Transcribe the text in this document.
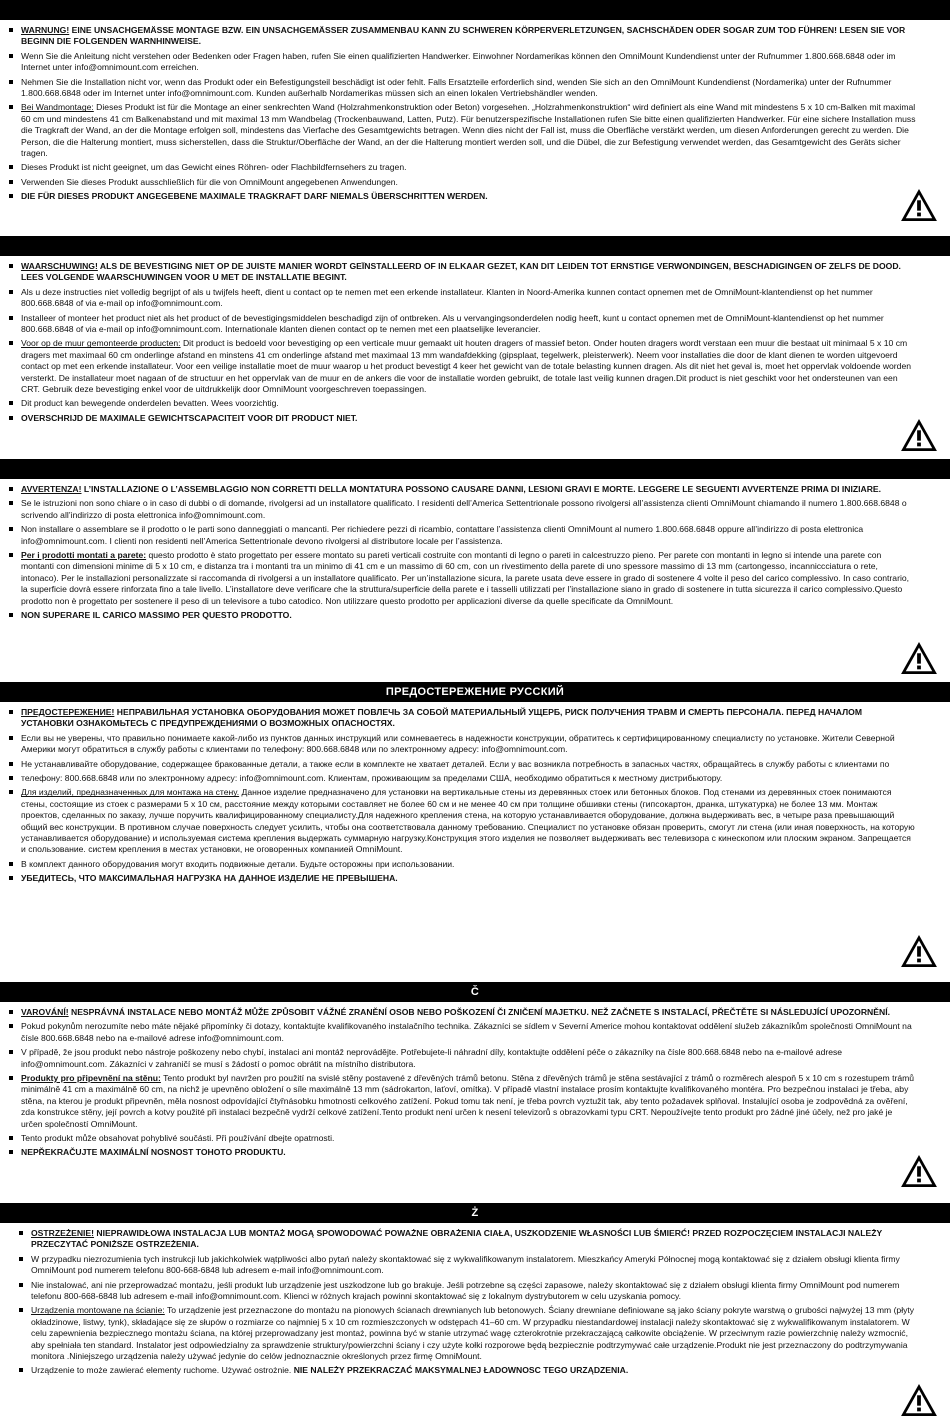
WARNUNG! EINE UNSACHGEMÄSSE MONTAGE BZW. EIN UNSACHGEMÄSSER ZUSAMMENBAU KANN ZU SCHWEREN KÖRPERVERLETZUNGEN, SACHSCHÄDEN ODER SOGAR ZUM TOD FÜHREN! LESEN SIE VOR BEGINN DIE FOLGENDEN WARNHINWEISE.
Wenn Sie die Anleitung nicht verstehen oder Bedenken oder Fragen haben, rufen Sie einen qualifizierten Handwerker. Einwohner Nordamerikas können den OmniMount Kundendienst unter der Rufnummer 1.800.668.6848 oder im Internet unter info@omnimount.com erreichen.
Nehmen Sie die Installation nicht vor, wenn das Produkt oder ein Befestigungsteil beschädigt ist oder fehlt. Falls Ersatzteile erforderlich sind, wenden Sie sich an den OmniMount Kundendienst (Nordamerika) unter der Rufnummer 1.800.668.6848 oder im Internet unter info@omnimount.com. Kunden außerhalb Nordamerikas müssen sich an einen lokalen Vertriebshändler wenden.
Bei Wandmontage: Dieses Produkt ist für die Montage an einer senkrechten Wand (Holzrahmenkonstruktion oder Beton) vorgesehen. „Holzrahmenkonstruktion“ wird definiert als eine Wand mit mindestens 5 x 10 cm-Balken mit maximal 60 cm und mindestens 41 cm Balkenabstand und mit maximal 13 mm Wandbelag (Trockenbauwand, Latten, Putz). Für benutzerspezifische Installationen rufen Sie bitte einen qualifizierten Handwerker. Für eine sichere Installation muss die Tragkraft der Wand, an der die Montage erfolgen soll, mindestens das Vierfache des Gesamtgewichts betragen. Wenn dies nicht der Fall ist, muss die Oberfläche verstärkt werden, um diesen Anforderungen gerecht zu werden. Die Person, die die Halterung montiert, muss sicherstellen, dass die Struktur/Oberfläche der Wand, an der die Halterung montiert werden soll, und die Dübel, die zur Befestigung verwendet werden, das Gesamtgewicht des Geräts sicher tragen.
Dieses Produkt ist nicht geeignet, um das Gewicht eines Röhren- oder Flachbildfernsehers zu tragen.
Verwenden Sie dieses Produkt ausschließlich für die von OmniMount angegebenen Anwendungen.
DIE FÜR DIESES PRODUKT ANGEGEBENE MAXIMALE TRAGKRAFT DARF NIEMALS ÜBERSCHRITTEN WERDEN.
WAARSCHUWING! ALS DE BEVESTIGING NIET OP DE JUISTE MANIER WORDT GEÏNSTALLEERD OF IN ELKAAR GEZET, KAN DIT LEIDEN TOT ERNSTIGE VERWONDINGEN, BESCHADIGINGEN OF ZELFS DE DOOD. LEES VOLGENDE WAARSCHUWINGEN VOOR U MET DE INSTALLATIE BEGINT.
Als u deze instructies niet volledig begrijpt of als u twijfels heeft, dient u contact op te nemen met een erkende installateur. Klanten in Noord-Amerika kunnen contact opnemen met de OmniMount-klantendienst op het nummer 800.668.6848 of via e-mail op info@omnimount.com.
Installeer of monteer het product niet als het product of de bevestigingsmiddelen beschadigd zijn of ontbreken. Als u vervangingsonderdelen nodig heeft, kunt u contact opnemen met de OmniMount-klantendienst op het nummer 800.668.6848 of via e-mail op info@omnimount.com. Internationale klanten dienen contact op te nemen met een plaatselijke leverancier.
Voor op de muur gemonteerde producten: Dit product is bedoeld voor bevestiging op een verticale muur gemaakt uit houten dragers of massief beton. Onder houten dragers wordt verstaan een muur die bestaat uit minimaal 5 x 10 cm dragers met maximaal 60 cm onderlinge afstand en minstens 41 cm onderlinge afstand met maximaal 13 mm wandafdekking (gipsplaat, tegelwerk, pleisterwerk). Neem voor installaties die door de klant dienen te worden uitgevoerd contact op met een erkende installateur. Voor een veilige installatie moet de muur waarop u het product bevestigt 4 keer het gewicht van de totale belasting kunnen dragen. Als dit niet het geval is, moet het oppervlak voldoende worden versterkt. De installateur moet nagaan of de structuur en het oppervlak van de muur en de ankers die voor de installatie worden gebruikt, de totale last veilig kunnen dragen.Dit product is niet geschikt voor het ondersteunen van een CRT. Gebruik deze bevestiging enkel voor de uitdrukkelijk door OmniMount voorgeschreven toepassingen.
Dit product kan bewegende onderdelen bevatten. Wees voorzichtig.
OVERSCHRIJD DE MAXIMALE GEWICHTSCAPACITEIT VOOR DIT PRODUCT NIET.
AVVERTENZA! L’INSTALLAZIONE O L’ASSEMBLAGGIO NON CORRETTI DELLA MONTATURA POSSONO CAUSARE DANNI, LESIONI GRAVI E MORTE. LEGGERE LE SEGUENTI AVVERTENZE PRIMA DI INIZIARE.
Se le istruzioni non sono chiare o in caso di dubbi o di domande, rivolgersi ad un installatore qualificato. I residenti dell’America Settentrionale possono rivolgersi all’assistenza clienti OmniMount chiamando il numero 1.800.668.6848 o scrivendo all’indirizzo di posta elettronica info@omnimount.com.
Non installare o assemblare se il prodotto o le parti sono danneggiati o mancanti. Per richiedere pezzi di ricambio, contattare l’assistenza clienti OmniMount al numero 1.800.668.6848 oppure all’indirizzo di posta elettronica info@omnimount.com. I clienti non residenti nell’America Settentrionale devono rivolgersi al distributore locale per l’assistenza.
Per i prodotti montati a parete: questo prodotto è stato progettato per essere montato su pareti verticali costruite con montanti di legno o pareti in calcestruzzo pieno. Per parete con montanti in legno si intende una parete con montanti con dimensioni minime di 5 x 10 cm, e distanza tra i montanti tra un minimo di 41 cm e un massimo di 60 cm, con un rivestimento della parete di uno spessore massimo di 13 mm (cartongesso, incanniccciatura o rete, intonaco). Per le installazioni personalizzate si raccomanda di rivolgersi a un installatore qualificato. Per un’installazione sicura, la parete usata deve essere in grado di sostenere 4 volte il peso del carico complessivo. In caso contrario, la superficie dovrà essere rinforzata fino a tale livello. L’installatore deve verificare che la struttura/superficie della parete e i tasselli utilizzati per l’installazione siano in grado di sostenere in tutta sicurezza il carico complessivo.Questo prodotto non è progettato per sostenere il peso di un televisore a tubo catodico. Non utilizzare questo prodotto per applicazioni diverse da quelle specificate da OmniMount.
NON SUPERARE IL CARICO MASSIMO PER QUESTO PRODOTTO.
ПРЕДОСТЕРЕЖЕНИЕ РУССКИЙ
ПРЕДОСТЕРЕЖЕНИЕ! НЕПРАВИЛЬНАЯ УСТАНОВКА ОБОРУДОВАНИЯ МОЖЕТ ПОВЛЕЧЬ ЗА СОБОЙ МАТЕРИАЛЬНЫЙ УЩЕРБ, РИСК ПОЛУЧЕНИЯ ТРАВМ И СМЕРТЬ ПЕРСОНАЛА. ПЕРЕД НАЧАЛОМ УСТАНОВКИ ОЗНАКОМЬТЕСЬ С ПРЕДУПРЕЖДЕНИЯМИ О ВОЗМОЖНЫХ ОПАСНОСТЯХ.
Если вы не уверены, что правильно понимаете какой-либо из пунктов данных инструкций или сомневаетесь в надежности конструкции, обратитесь к сертифицированному специалисту по установке. Жители Северной Америки могут обратиться в службу работы с клиентами по телефону: 800.668.6848 или по электронному адресу: info@omnimount.com.
Не устанавливайте оборудование, содержащее бракованные детали, а также если в комплекте не хватает деталей. Если у вас возникла потребность в запасных частях, обращайтесь в службу работы с клиентами по
телефону: 800.668.6848 или по электронному адресу: info@omnimount.com. Клиентам, проживающим за пределами США, необходимо обратиться к местному дистрибьютору.
Для изделий, предназначенных для монтажа на стену. Данное изделие предназначено для установки на вертикальные стены из деревянных стоек или бетонных блоков. Под стенами из деревянных стоек понимаются стены, состоящие из стоек с размерами 5 x 10 см, расстояние между которыми составляет не более 60 см и не менее 40 см при толщине обшивки стены (гипсокартон, дранка, штукатурка) не более 13 мм. Монтаж проектов, сделанных по заказу, лучше поручить квалифицированному специалисту.Для надежного крепления стена, на которую устанавливается оборудование, должна выдерживать вес, в четыре раза превышающий общий вес конструкции. В противном случае поверхность следует усилить, чтобы она соответствовала данному требованию. Специалист по установке обязан проверить, смогут ли стена (или иная поверхность, на которую устанавливается оборудование) и используемая система крепления выдержать суммарную нагрузку.Конструкция этого изделия не позволяет выдерживать вес телевизора с кинескопом или плоским экраном. Запрещается и спользование. систем крепления в местах установки, не оговоренных компанией OmniMount.
В комплект данного оборудования могут входить подвижные детали. Будьте осторожны при использовании.
УБЕДИТЕСЬ, ЧТО МАКСИМАЛЬНАЯ НАГРУЗКА НА ДАННОЕ ИЗДЕЛИЕ НЕ ПРЕВЫШЕНА.
Č
VAROVÁNÍ! NESPRÁVNÁ INSTALACE NEBO MONTÁŽ MŮŽE ZPŮSOBIT VÁŽNÉ ZRANĚNÍ OSOB NEBO POŠKOZENÍ ČI ZNIČENÍ MAJETKU. NEŽ ZAČNETE S INSTALACÍ, PŘEČTĚTE SI NÁSLEDUJÍCÍ UPOZORNĚNÍ.
Pokud pokynům nerozumíte nebo máte nějaké připomínky či dotazy, kontaktujte kvalifikovaného instalačního technika. Zákazníci se sídlem v Severní Americe mohou kontaktovat oddělení služeb zákazníkům společnosti OmniMount na čísle 800.668.6848 nebo na e-mailové adrese info@omnimount.com.
V případě, že jsou produkt nebo nástroje poškozeny nebo chybí, instalaci ani montáž neprovádějte. Potřebujete-li náhradní díly, kontaktujte oddělení péče o zákazníky na čísle 800.668.6848 nebo na e-mailové adrese info@omnimount.com. Zákazníci v zahraničí se musí s žádostí o pomoc obrátit na místního distributora.
Produkty pro připevnění na stěnu: Tento produkt byl navržen pro použití na svislé stěny postavené z dřevěných trámů betonu. Stěna z dřevěných trámů je stěna sestávající z trámů o rozměrech alespoň 5 x 10 cm s rozestupem trámů minimálně 41 cm a maximálně 60 cm, na nichž je upevněno obložení o síle maximálně 13 mm (sádrokarton, laťoví, omítka). V případě vlastní instalace prosím kontaktujte kvalifikovaného montéra. Pro bezpečnou instalaci je třeba, aby stěna, na kterou je produkt připevněn, měla nosnost odpovídající čtyřnásobku hmotnosti celkového zatížení. Pokud tomu tak není, je třeba povrch vyztužit tak, aby tento požadavek splňoval. Instalující osoba je zodpovědná za ověření, zda konstrukce stěny, její povrch a kotvy použité při instalaci bezpečně vydrží celkové zatížení.Tento produkt není určen k nesení televizorů s obrazovkami typu CRT. Nepoužívejte tento produkt pro žádné jiné účely, než pro jaké je určen společností OmniMount.
Tento produkt může obsahovat pohyblivé součásti. Při používání dbejte opatrnosti.
NEPŘEKRAČUJTE MAXIMÁLNÍ NOSNOST TOHOTO PRODUKTU.
Ż
OSTRZEŻENIE! NIEPRAWIDŁOWA INSTALACJA LUB MONTAŻ MOGĄ SPOWODOWAĆ POWAŻNE OBRAŻENIA CIAŁA, USZKODZENIE WŁASNOŚCI LUB ŚMIERĆ! PRZED ROZPOCZĘCIEM INSTALACJI NALEŻY PRZECZYTAĆ PONIŻSZE OSTRZEŻENIA.
W przypadku niezrozumienia tych instrukcji lub jakichkolwiek wątpliwości albo pytań należy skontaktować się z wykwalifikowanym instalatorem. Mieszkańcy Ameryki Północnej mogą kontaktować się z działem obsługi klienta firmy OmniMount pod numerem telefonu 800-668-6848 lub adresem e-mail info@omnimount.com.
Nie instalować, ani nie przeprowadzać montażu, jeśli produkt lub urządzenie jest uszkodzone lub go brakuje. Jeśli potrzebne są części zapasowe, należy skontaktować się z działem obsługi klienta firmy OmniMount pod numerem telefonu 800-668-6848 lub adresem e-mail info@omnimount.com. Klienci w różnych krajach powinni skontaktować się z lokalnym dystrybutorem w celu uzyskania pomocy.
Urządzenia montowane na ścianie: To urządzenie jest przeznaczone do montażu na pionowych ścianach drewnianych lub betonowych. Ściany drewniane definiowane są jako ściany pokryte warstwą o grubości najwyżej 13 mm (płyty okładzinowe, listwy, tynk), składające się ze słupów o rozmiarze co najmniej 5 x 10 cm rozmieszczonych w odstępach 41–60 cm. W przypadku niestandardowej instalacji należy skontaktować się z wykwalifikowanym instalatorem. W celu zapewnienia bezpiecznego montażu ściana, na której przeprowadzany jest montaż, powinna być w stanie utrzymać wagę czterokrotnie przekraczającą całkowite obciążenie. W przeciwnym razie powierzchnię należy wzmocnić, aby spełniała ten standard. Instalator jest odpowiedzialny za sprawdzenie struktury/powierzchni ściany i czy użyte kołki rozporowe będą bezpiecznie podtrzymywać całe urządzenie.Produkt nie jest przeznaczony do podtrzymywania monitora .Niniejszego urządzenia należy używać jedynie do celów jednoznacznie określonych przez firmę OmniMount.
Urządzenie to może zawierać elementy ruchome. Używać ostrożnie. NIE NALEŻY PRZEKRACZAĆ MAKSYMALNEJ ŁADOWNOSC TEGO URZĄDZENIA.
